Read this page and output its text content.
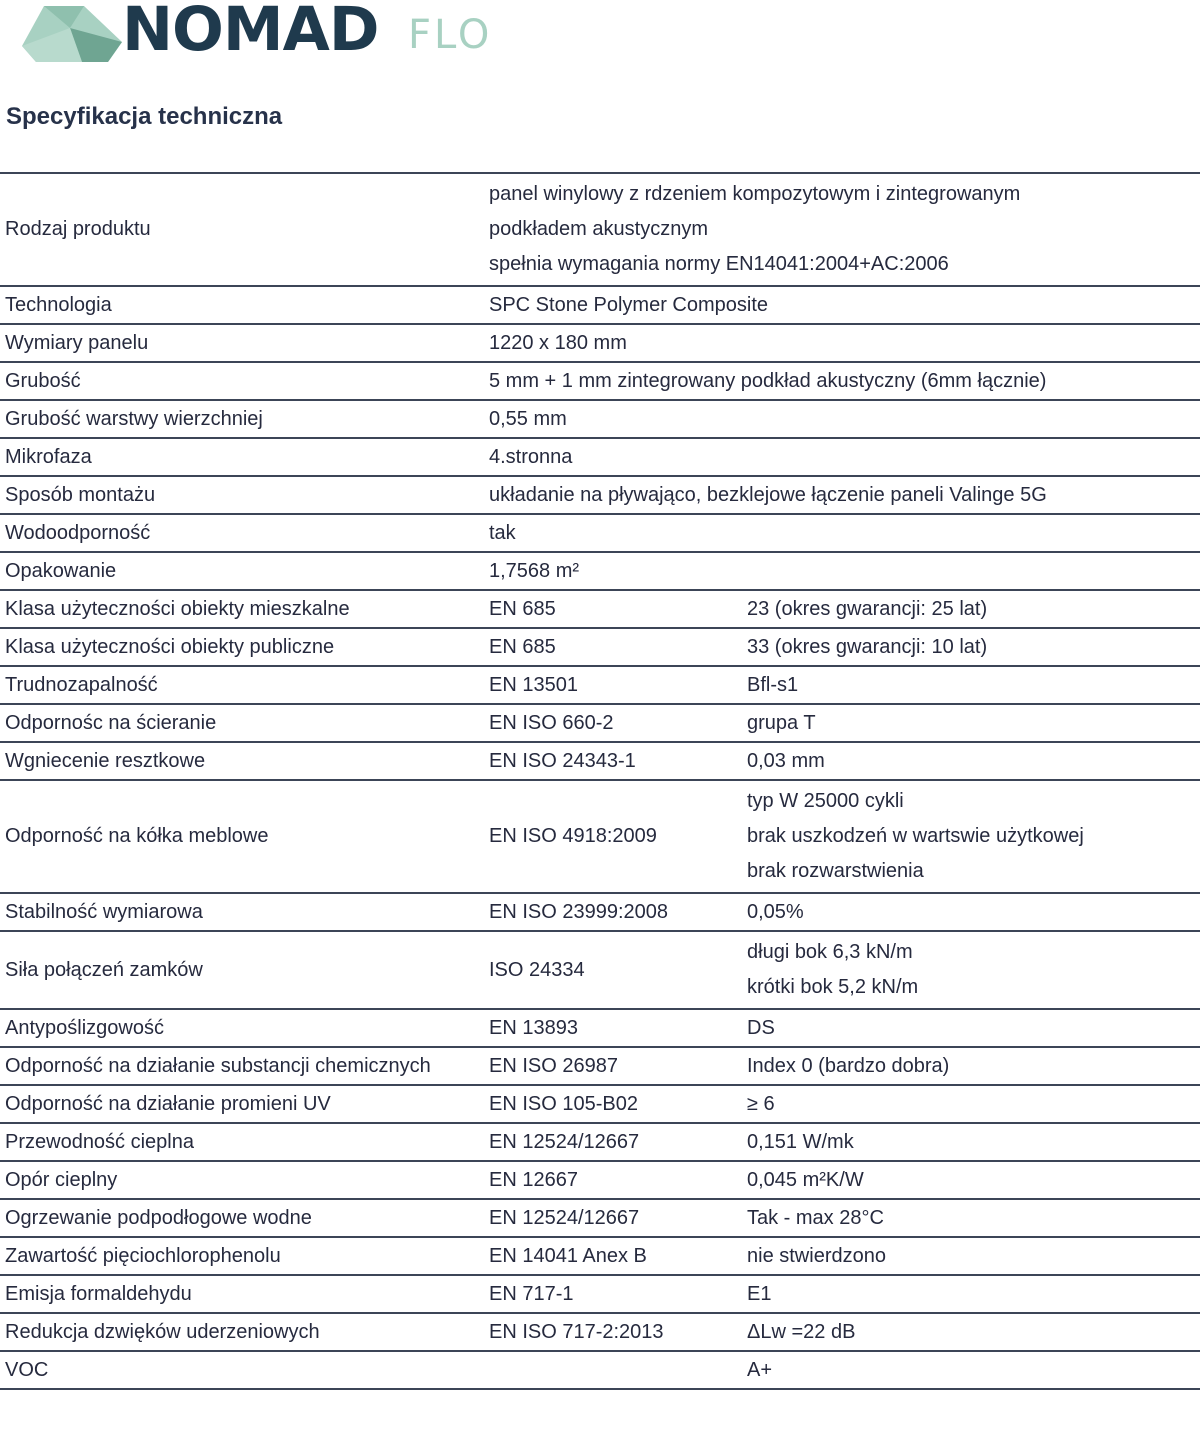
NOMAD FLO
Specyfikacja techniczna
Rodzaj produktu	panel winylowy z rdzeniem kompozytowym i zintegrowanym
podkładem akustycznym
spełnia wymagania normy EN14041:2004+AC:2006	

Technologia	SPC Stone Polymer Composite	

Wymiary panelu	1220 x 180 mm	

Grubość	5 mm + 1 mm zintegrowany podkład akustyczny (6mm łącznie)	

Grubość warstwy wierzchniej	0,55 mm	

Mikrofaza	4.stronna	

Sposób montażu	układanie na pływająco, bezklejowe łączenie paneli Valinge 5G	

Wodoodporność	tak	

Opakowanie	1,7568 m²	

Klasa użyteczności obiekty mieszkalne	EN 685	23 (okres gwarancji: 25 lat)

Klasa użyteczności obiekty publiczne	EN 685	33 (okres gwarancji: 10 lat)

Trudnozapalność	EN 13501	Bfl-s1

Odpornośc na ścieranie	EN ISO 660-2	grupa T

Wgniecenie resztkowe	EN ISO 24343-1	0,03 mm

Odporność na kółka meblowe	EN ISO 4918:2009	typ W 25000 cykli
brak uszkodzeń w wartswie użytkowej
brak rozwarstwienia

Stabilność wymiarowa	EN ISO 23999:2008	0,05%

Siła połączeń zamków	ISO 24334	długi bok 6,3 kN/m
krótki bok 5,2 kN/m

Antypoślizgowość	EN 13893	DS

Odporność na działanie substancji chemicznych	EN ISO 26987	Index 0 (bardzo dobra)

Odporność na działanie promieni UV	EN ISO 105-B02	≥ 6

Przewodność cieplna	EN 12524/12667	0,151 W/mk

Opór cieplny	EN 12667	0,045 m²K/W

Ogrzewanie podpodłogowe wodne	EN 12524/12667	Tak - max 28°C

Zawartość pięciochlorophenolu	EN 14041 Anex B	nie stwierdzono

Emisja formaldehydu	EN 717-1	E1

Redukcja dzwięków uderzeniowych	EN ISO 717-2:2013	ΔLw =22 dB

VOC		A+
